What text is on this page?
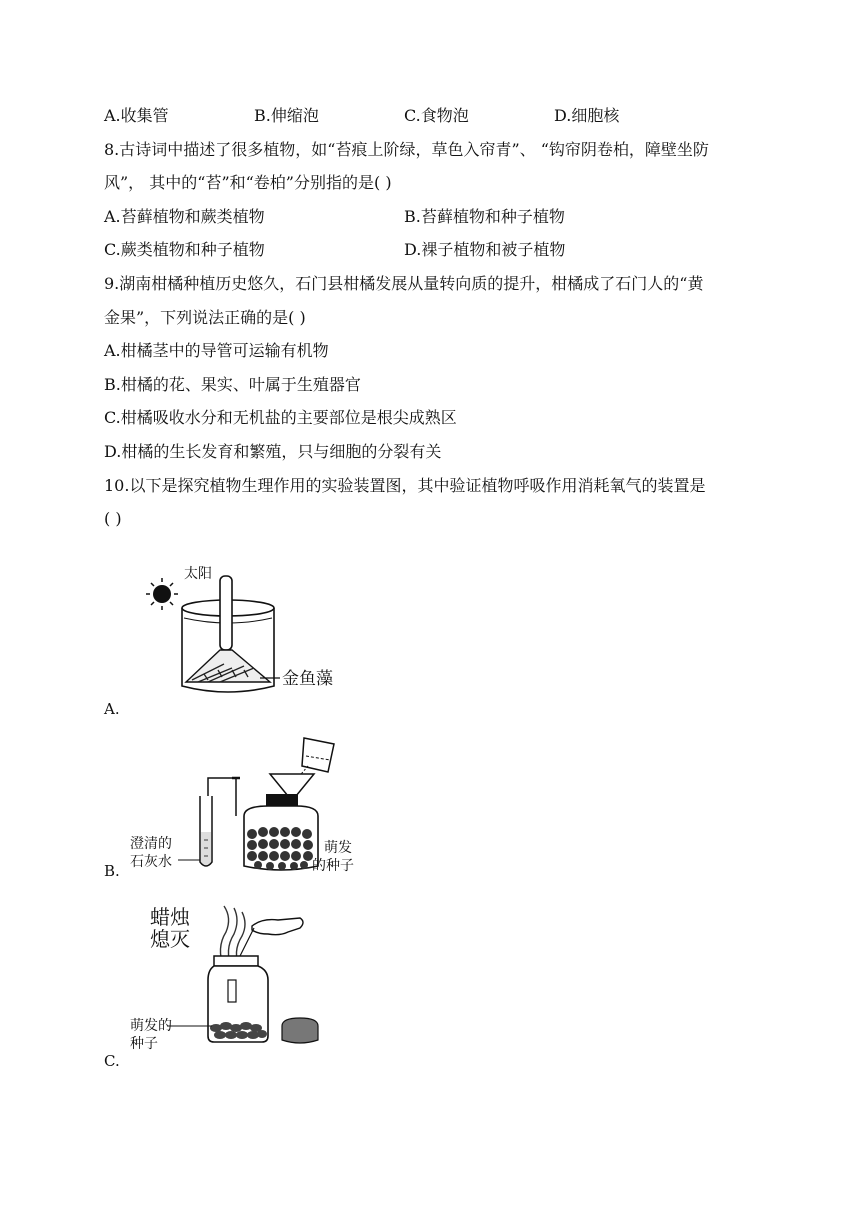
A.收集管	B.伸缩泡	C.食物泡	D.细胞核
8.古诗词中描述了很多植物，如“苔痕上阶绿，草色入帘青”、 “钩帘阴卷柏，障壁坐防
风”， 其中的“苔”和“卷柏”分别指的是( )
A.苔藓植物和蕨类植物	B.苔藓植物和种子植物
C.蕨类植物和种子植物	D.裸子植物和被子植物
9.湖南柑橘种植历史悠久，石门县柑橘发展从量转向质的提升，柑橘成了石门人的“黄
金果”，下列说法正确的是( )
A.柑橘茎中的导管可运输有机物
B.柑橘的花、果实、叶属于生殖器官
C.柑橘吸收水分和无机盐的主要部位是根尖成熟区
D.柑橘的生长发育和繁殖，只与细胞的分裂有关
10.以下是探究植物生理作用的实验装置图，其中验证植物呼吸作用消耗氧气的装置是
( )
太阳
金鱼藻
A.
澄清的
石灰水
萌发
的种子
B.
蜡烛
熄灭
萌发的
种子
C.
